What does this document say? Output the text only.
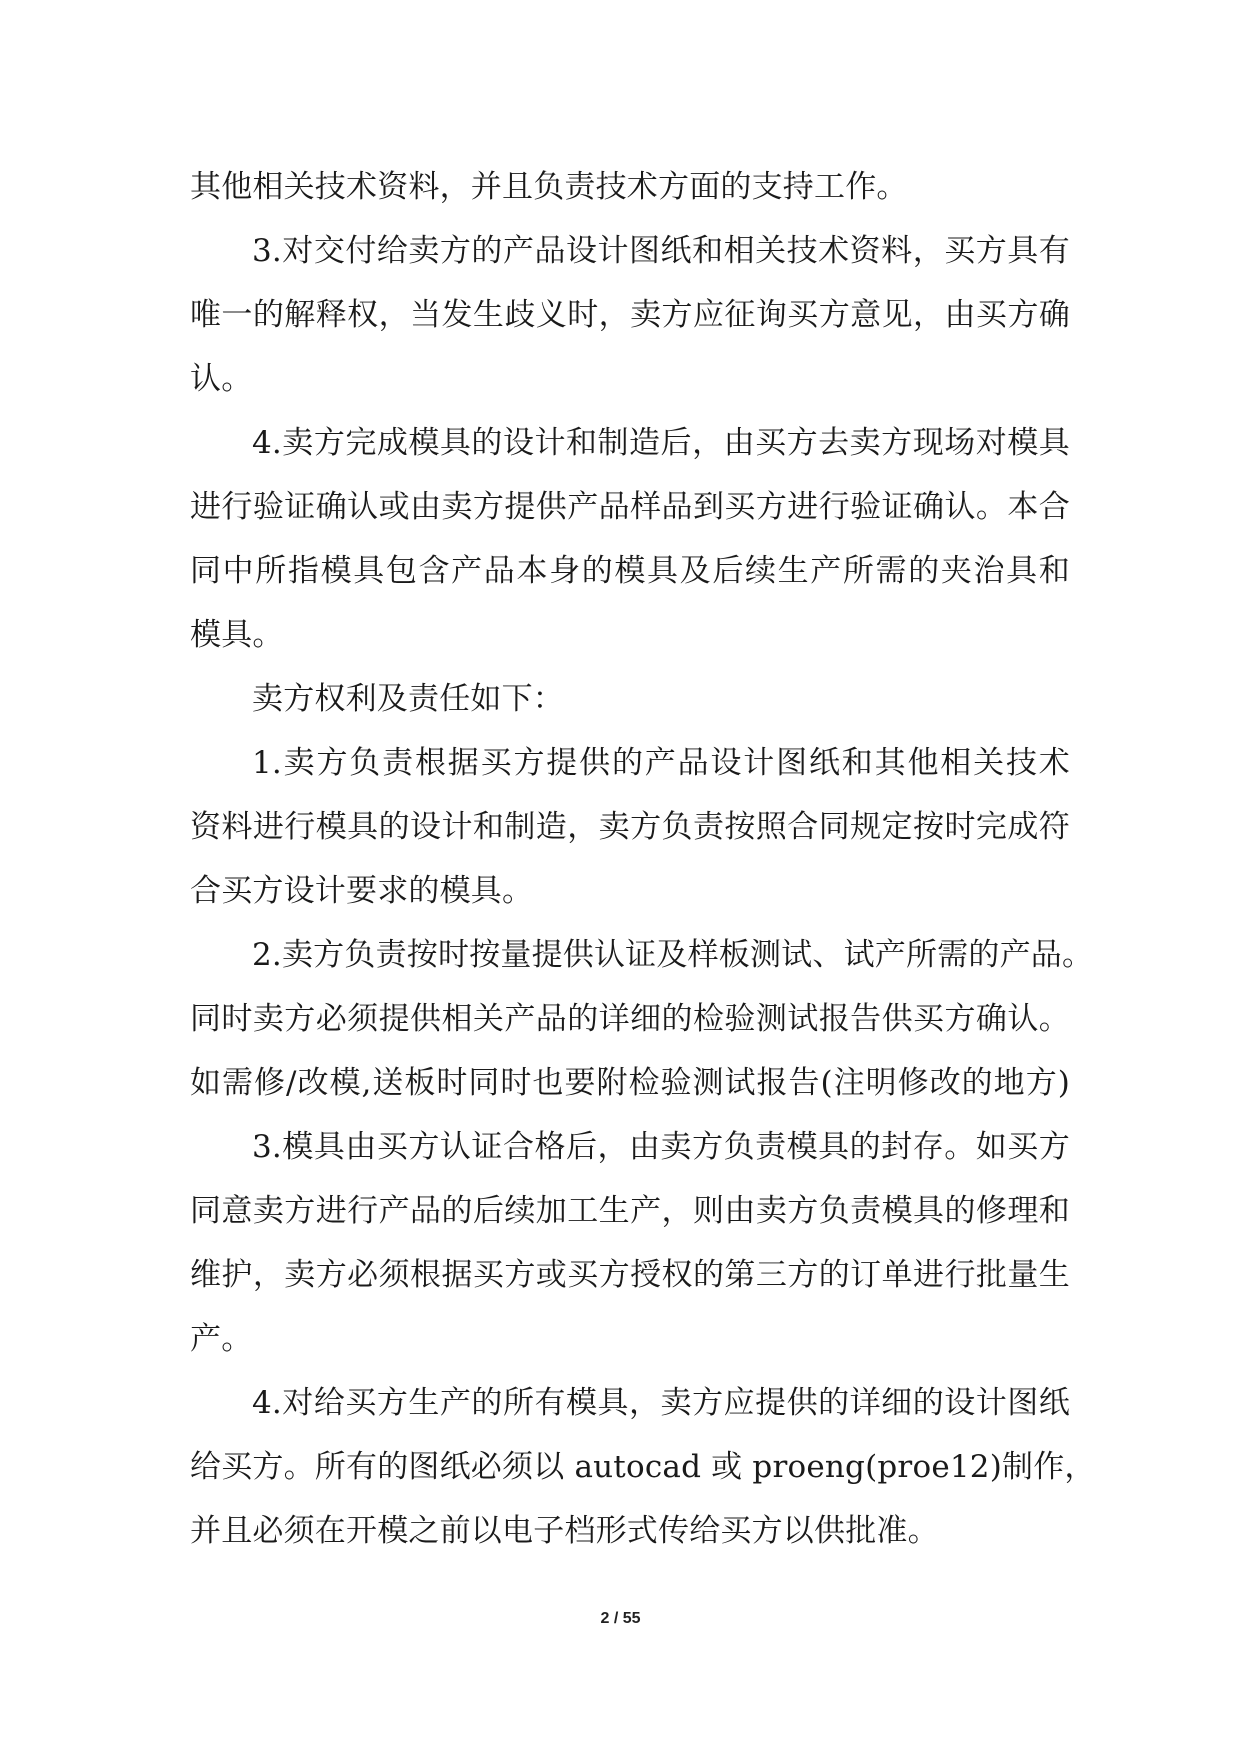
其他相关技术资料，并且负责技术方面的支持工作。
3.对交付给卖方的产品设计图纸和相关技术资料，买方具有
唯一的解释权，当发生歧义时，卖方应征询买方意见，由买方确
认。
4.卖方完成模具的设计和制造后，由买方去卖方现场对模具
进行验证确认或由卖方提供产品样品到买方进行验证确认。本合
同中所指模具包含产品本身的模具及后续生产所需的夹治具和
模具。
卖方权利及责任如下：
1.卖方负责根据买方提供的产品设计图纸和其他相关技术
资料进行模具的设计和制造，卖方负责按照合同规定按时完成符
合买方设计要求的模具。
2.卖方负责按时按量提供认证及样板测试、试产所需的产品。
同时卖方必须提供相关产品的详细的检验测试报告供买方确认。
如需修/改模,送板时同时也要附检验测试报告(注明修改的地方)
3.模具由买方认证合格后，由卖方负责模具的封存。如买方
同意卖方进行产品的后续加工生产，则由卖方负责模具的修理和
维护，卖方必须根据买方或买方授权的第三方的订单进行批量生
产。
4.对给买方生产的所有模具，卖方应提供的详细的设计图纸
给买方。所有的图纸必须以 autocad 或 proeng(proe12)制作，
并且必须在开模之前以电子档形式传给买方以供批准。
2 / 55
